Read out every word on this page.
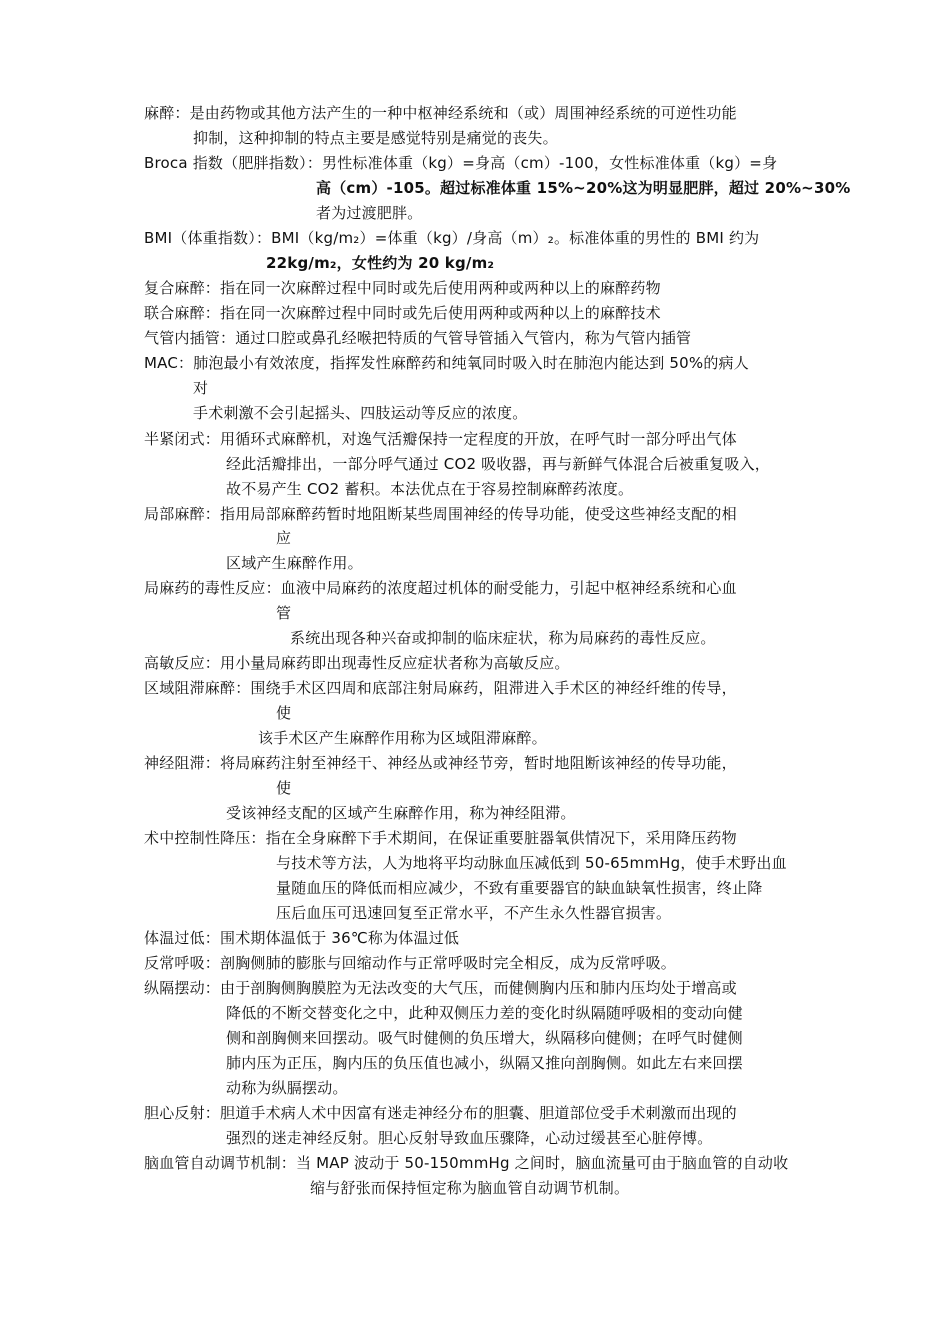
麻醉：是由药物或其他方法产生的一种中枢神经系统和（或）周围神经系统的可逆性功能
抑制，这种抑制的特点主要是感觉特别是痛觉的丧失。
Broca 指数（肥胖指数）：男性标准体重（kg）=身高（cm）-100，女性标准体重（kg）=身
高（cm）-105。超过标准体重 15%~20%这为明显肥胖，超过 20%~30%
者为过渡肥胖。
BMI（体重指数）：BMI（kg/m₂）=体重（kg）/身高（m）₂。标准体重的男性的 BMI 约为
22kg/m₂，女性约为 20 kg/m₂
复合麻醉：指在同一次麻醉过程中同时或先后使用两种或两种以上的麻醉药物
联合麻醉：指在同一次麻醉过程中同时或先后使用两种或两种以上的麻醉技术
气管内插管：通过口腔或鼻孔经喉把特质的气管导管插入气管内，称为气管内插管
MAC：肺泡最小有效浓度，指挥发性麻醉药和纯氧同时吸入时在肺泡内能达到 50%的病人
对
手术刺激不会引起摇头、四肢运动等反应的浓度。
半紧闭式：用循环式麻醉机，对逸气活瓣保持一定程度的开放，在呼气时一部分呼出气体
经此活瓣排出，一部分呼气通过 CO2 吸收器，再与新鲜气体混合后被重复吸入，
故不易产生 CO2 蓄积。本法优点在于容易控制麻醉药浓度。
局部麻醉：指用局部麻醉药暂时地阻断某些周围神经的传导功能，使受这些神经支配的相
应
区域产生麻醉作用。
局麻药的毒性反应：血液中局麻药的浓度超过机体的耐受能力，引起中枢神经系统和心血
管
系统出现各种兴奋或抑制的临床症状，称为局麻药的毒性反应。
高敏反应：用小量局麻药即出现毒性反应症状者称为高敏反应。
区域阻滞麻醉：围绕手术区四周和底部注射局麻药，阻滞进入手术区的神经纤维的传导，
使
该手术区产生麻醉作用称为区域阻滞麻醉。
神经阻滞：将局麻药注射至神经干、神经丛或神经节旁，暂时地阻断该神经的传导功能，
使
受该神经支配的区域产生麻醉作用，称为神经阻滞。
术中控制性降压：指在全身麻醉下手术期间，在保证重要脏器氧供情况下，采用降压药物
与技术等方法，人为地将平均动脉血压减低到 50-65mmHg，使手术野出血
量随血压的降低而相应减少，不致有重要器官的缺血缺氧性损害，终止降
压后血压可迅速回复至正常水平，不产生永久性器官损害。
体温过低：围术期体温低于 36℃称为体温过低
反常呼吸：剖胸侧肺的膨胀与回缩动作与正常呼吸时完全相反，成为反常呼吸。
纵隔摆动：由于剖胸侧胸膜腔为无法改变的大气压，而健侧胸内压和肺内压均处于增高或
降低的不断交替变化之中，此种双侧压力差的变化时纵隔随呼吸相的变动向健
侧和剖胸侧来回摆动。吸气时健侧的负压增大，纵隔移向健侧；在呼气时健侧
肺内压为正压，胸内压的负压值也减小，纵隔又推向剖胸侧。如此左右来回摆
动称为纵膈摆动。
胆心反射：胆道手术病人术中因富有迷走神经分布的胆囊、胆道部位受手术刺激而出现的
强烈的迷走神经反射。胆心反射导致血压骤降，心动过缓甚至心脏停博。
脑血管自动调节机制：当 MAP 波动于 50-150mmHg 之间时，脑血流量可由于脑血管的自动收
缩与舒张而保持恒定称为脑血管自动调节机制。
